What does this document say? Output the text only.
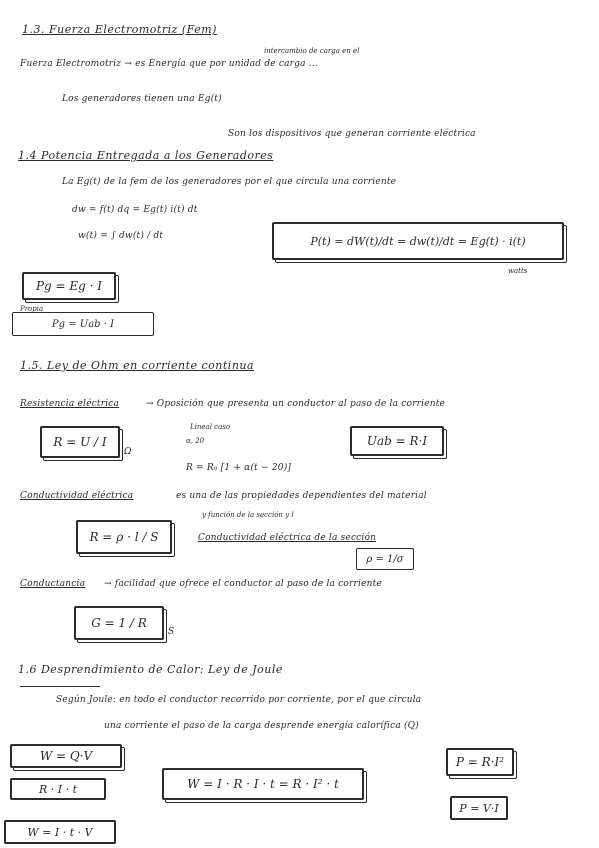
1.3. Fuerza Electromotriz (Fem)
intercambio de carga en el
Fuerza Electromotriz → es Energía que por unidad de carga ...
Los generadores tienen una Eg(t)
Son los dispositivos que generan corriente eléctrica
1.4 Potencia Entregada a los Generadores
La Eg(t) de la fem de los generadores por el que circula una corriente
dw = f(t) dq = Eg(t) i(t) dt
w(t) = ∫ dw(t) / dt	P(t) = dW(t)/dt = dw(t)/dt = Eg(t) · i(t)
watts
Pg = Eg · I
Pg = Uab · I
Propia
1.5. Ley de Ohm en corriente continua
Resistencia eléctrica	→ Oposición que presenta un conductor al paso de la corriente
R = U / I
Ω
Lineal caso
α, 20
R = R₀ [1 + α(t − 20)]
Uab = R·I
Conductividad eléctrica	es una de las propiedades dependientes del material
y función de la sección y l
R = ρ · l / S	Conductividad eléctrica de la sección
ρ = 1/σ
Conductancia → facilidad que ofrece el conductor al paso de la corriente
G = 1 / R
S
1.6 Desprendimiento de Calor: Ley de Joule
Según Joule: en todo el conductor recorrido por corriente, por el que circula
una corriente el paso de la carga desprende energía calorífica (Q)
W = Q·V
R · I · t	W = I · R · I · t = R · I² · t
P = R·I²
P = V·I
W = I · t · V
